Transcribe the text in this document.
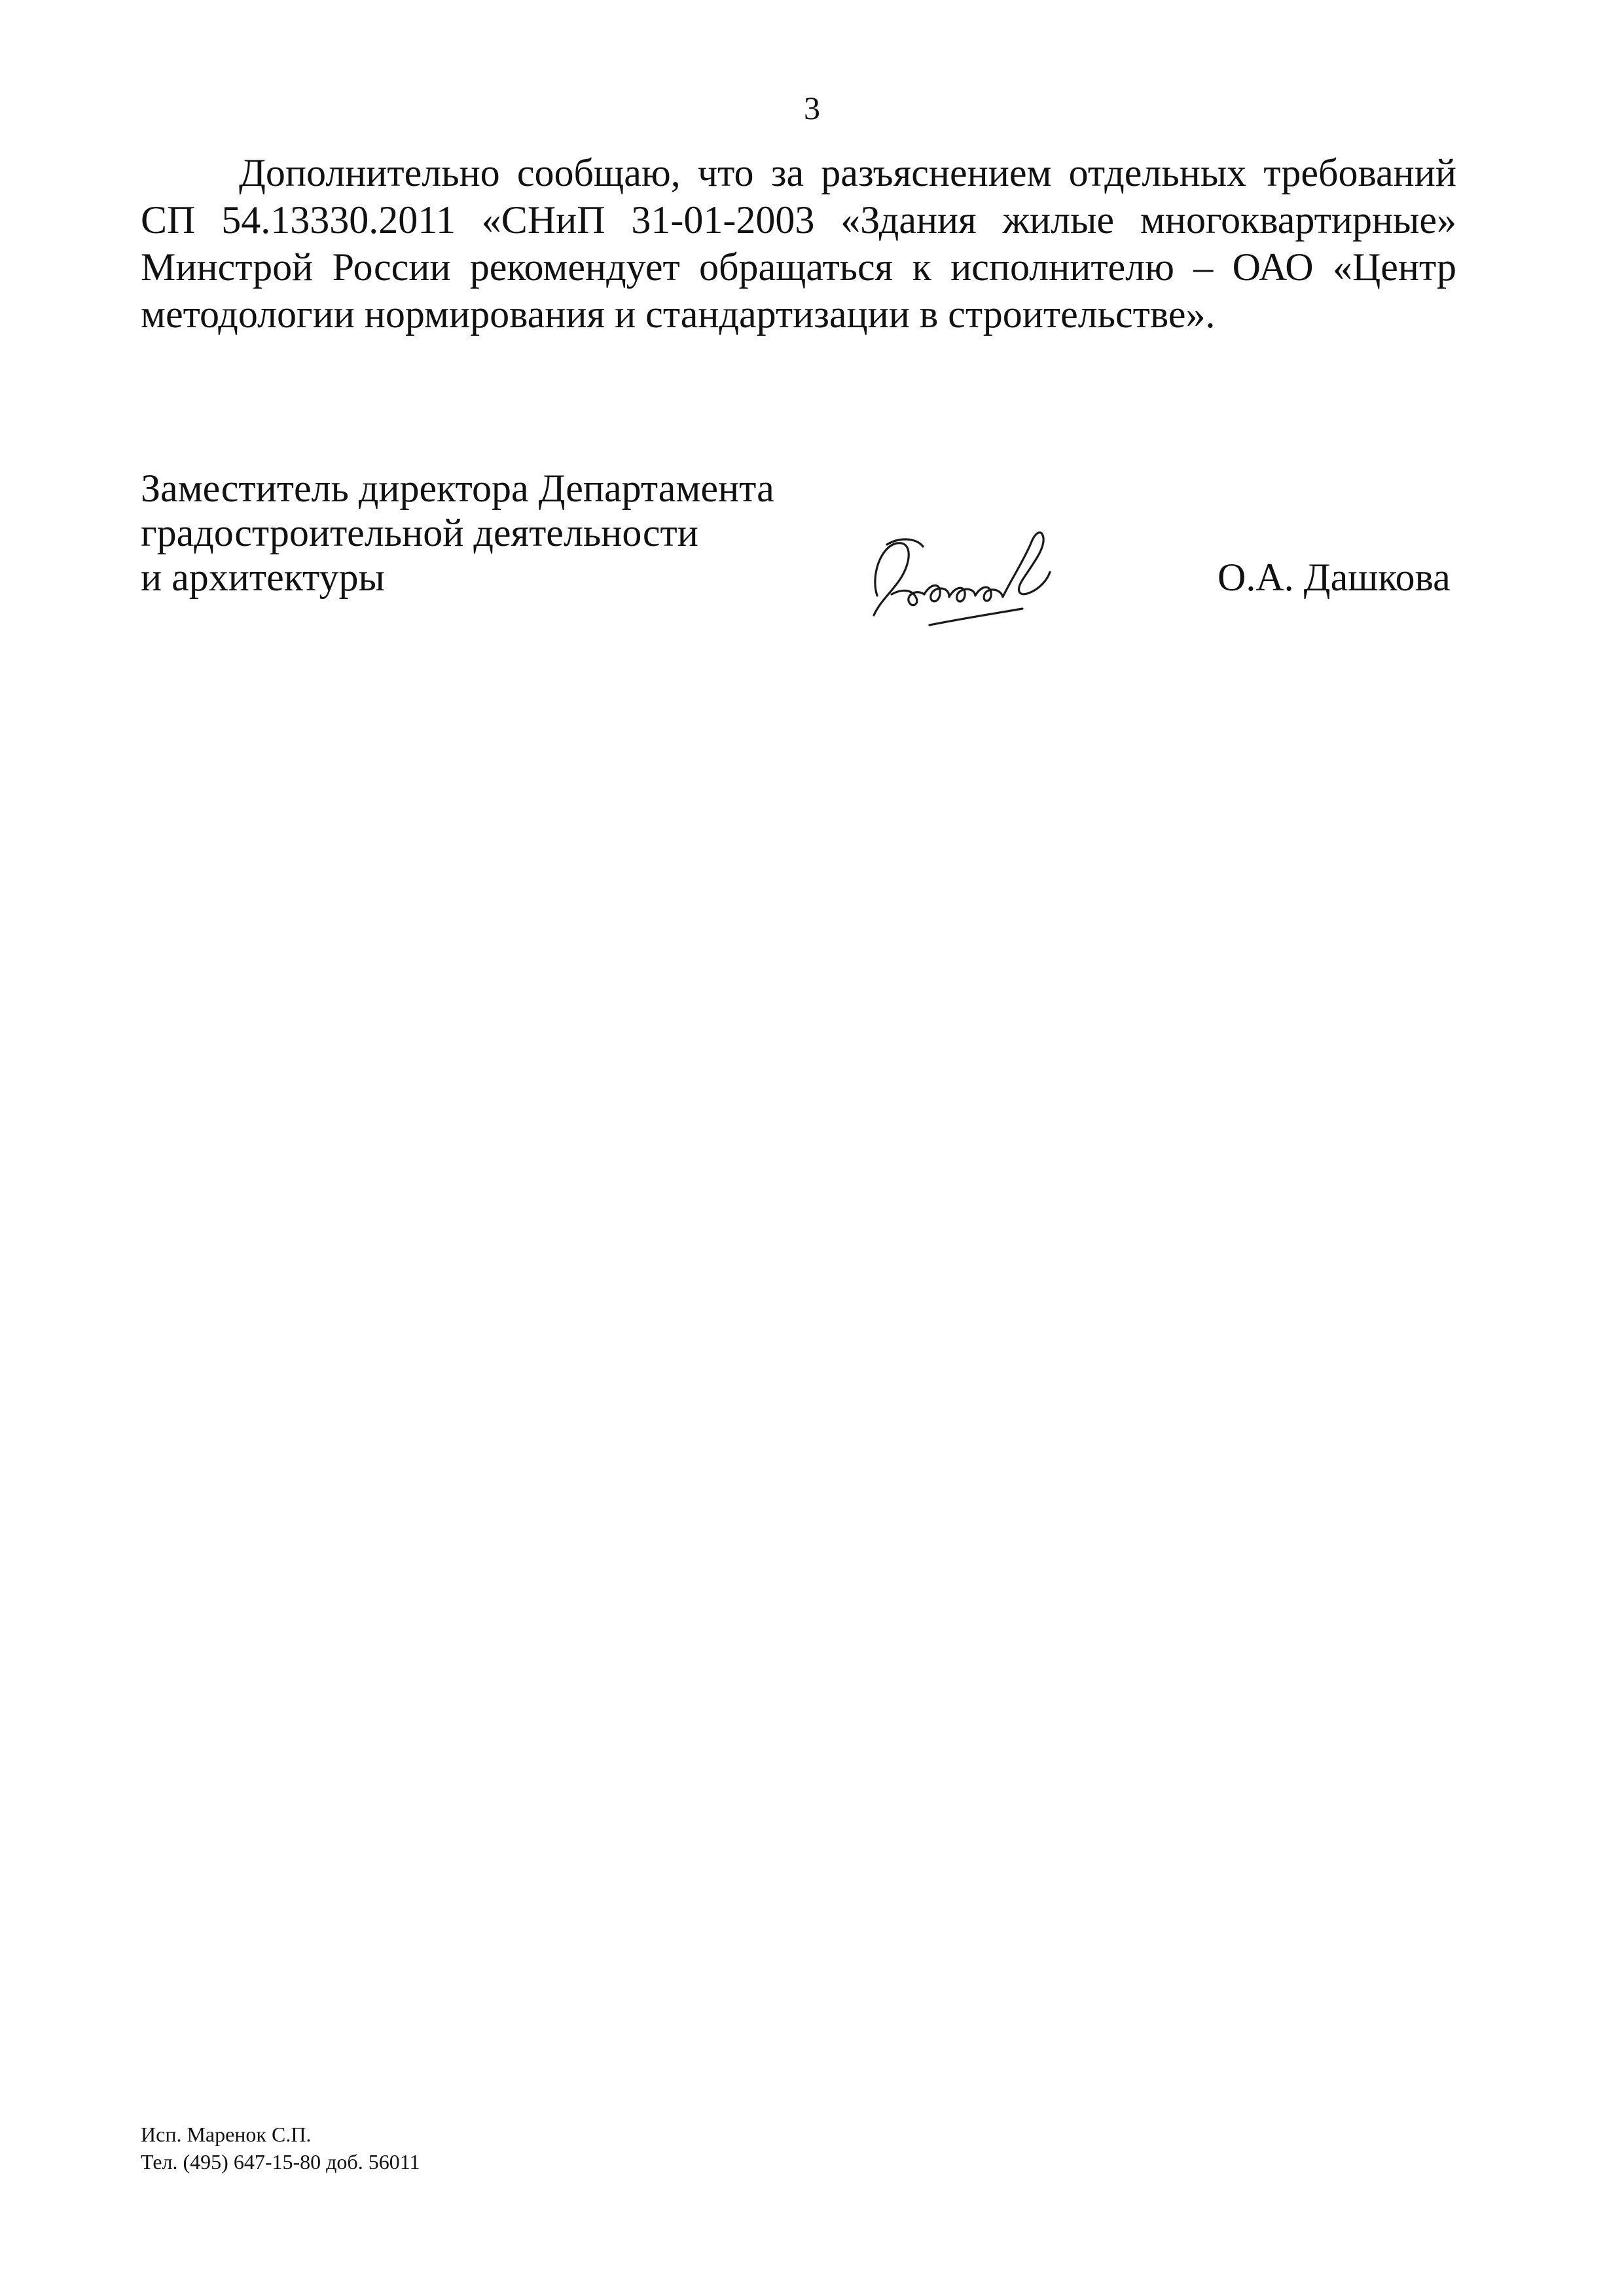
3

Дополнительно сообщаю, что за разъяснением отдельных требований СП 54.13330.2011 «СНиП 31-01-2003 «Здания жилые многоквартирные» Минстрой России рекомендует обращаться к исполнителю – ОАО «Центр методологии нормирования и стандартизации в строительстве».

Заместитель директора Департамента
градостроительной деятельности
и архитектуры	О.А. Дашкова
Исп. Маренок С.П.
Тел. (495) 647-15-80 доб. 56011
